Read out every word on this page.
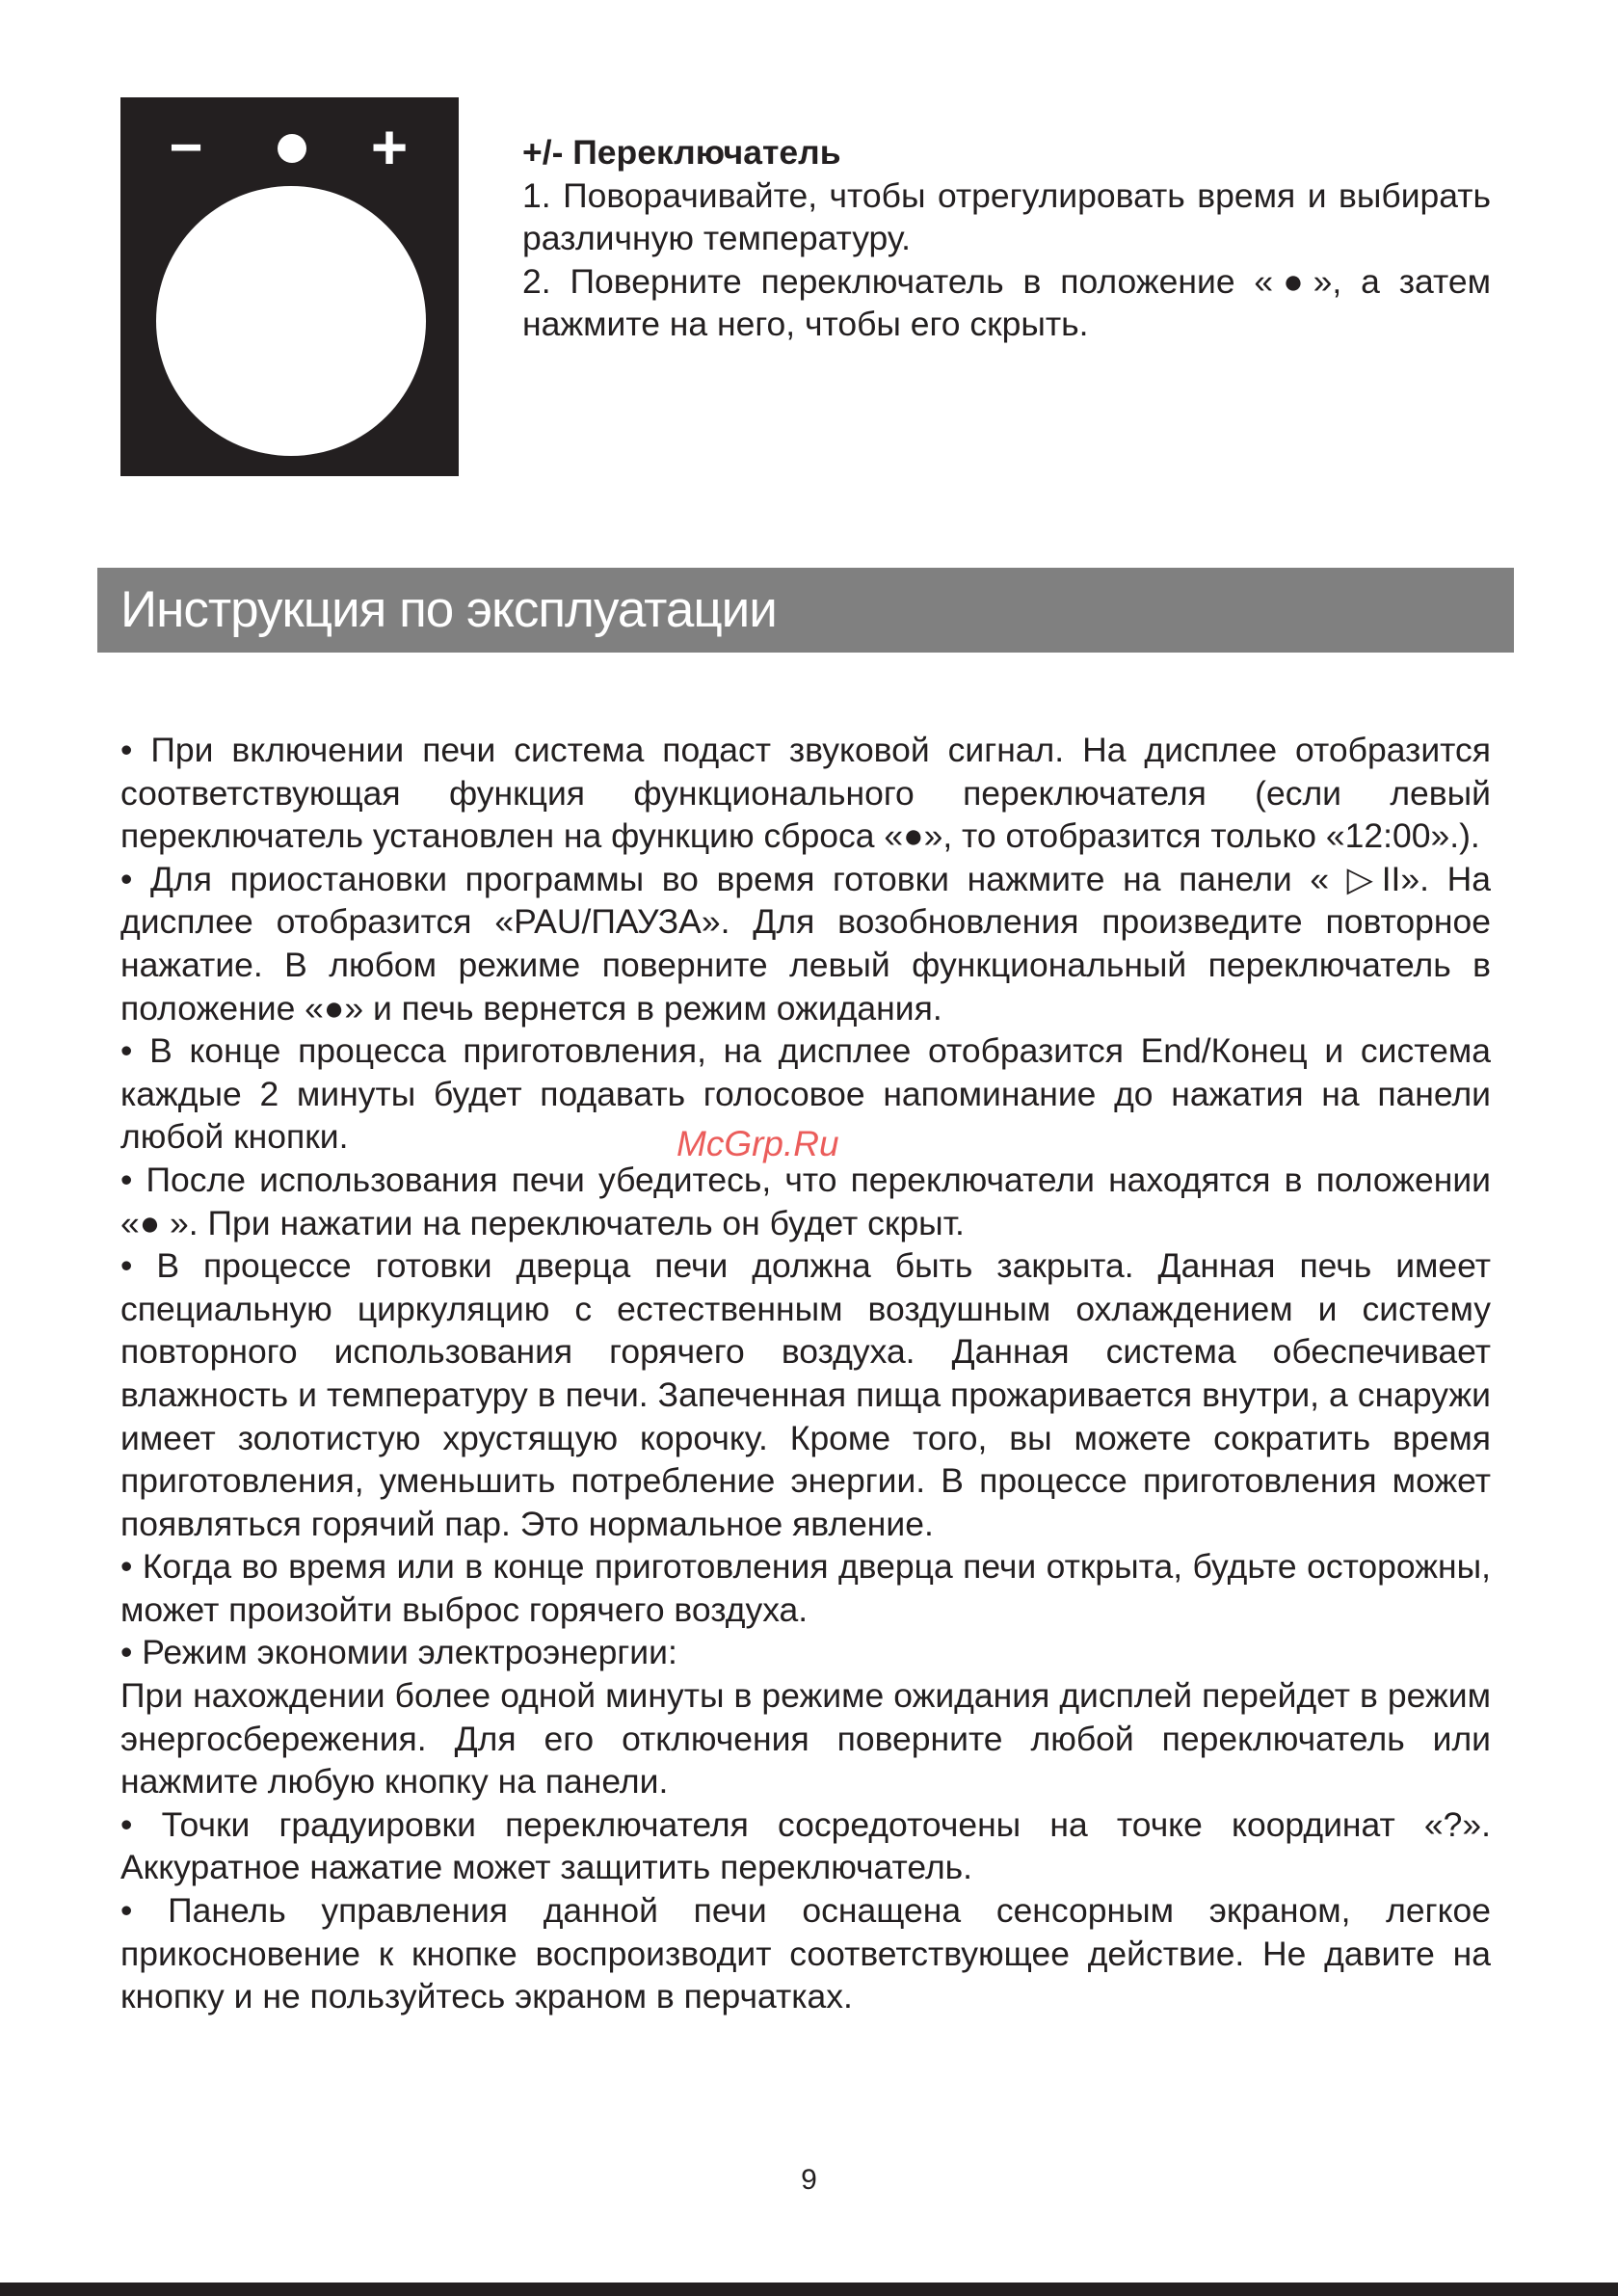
−	+	+/- Переключатель

1. Поворачивайте, чтобы отрегулировать время и выбирать различную температуру.

2. Поверните переключатель в положение «●», а затем нажмите на него, чтобы его скрыть.

Инструкция по эксплуатации

• При включении печи система подаст звуковой сигнал. На дисплее отобразится соответствующая функция функционального переключателя (если левый переключатель установлен на функцию сброса «●», то отобразится только «12:00».).

• Для приостановки программы во время готовки нажмите на панели « ▷II». На дисплее отобразится «PAU/ПАУЗА». Для возобновления произведите повторное нажатие. В любом режиме поверните левый функциональный переключатель в положение «●» и печь вернется в режим ожидания.

• В конце процесса приготовления, на дисплее отобразится End/Конец и система каждые 2 минуты будет подавать голосовое напоминание до нажатия на панели любой кнопки.

• После использования печи убедитесь, что переключатели находятся в положении «● ». При нажатии на переключатель он будет скрыт.

• В процессе готовки дверца печи должна быть закрыта. Данная печь имеет специальную циркуляцию с естественным воздушным охлаждением и систему повторного использования горячего воздуха. Данная система обеспечивает влажность и температуру в печи. Запеченная пища прожаривается внутри, а снаружи имеет золотистую хрустящую корочку. Кроме того, вы можете сократить время приготовления, уменьшить потребление энергии. В процессе приготовления может появляться горячий пар. Это нормальное явление.

• Когда во время или в конце приготовления дверца печи открыта, будьте осторожны, может произойти выброс горячего воздуха.

• Режим экономии электроэнергии:

При нахождении более одной минуты в режиме ожидания дисплей перейдет в режим энергосбережения. Для его отключения поверните любой переключатель или нажмите любую кнопку на панели.

• Точки градуировки переключателя сосредоточены на точке координат «?». Аккуратное нажатие может защитить переключатель.

• Панель управления данной печи оснащена сенсорным экраном, легкое прикосновение к кнопке воспроизводит соответствующее действие. Не давите на кнопку и не пользуйтесь экраном в перчатках.

McGrp.Ru
9
